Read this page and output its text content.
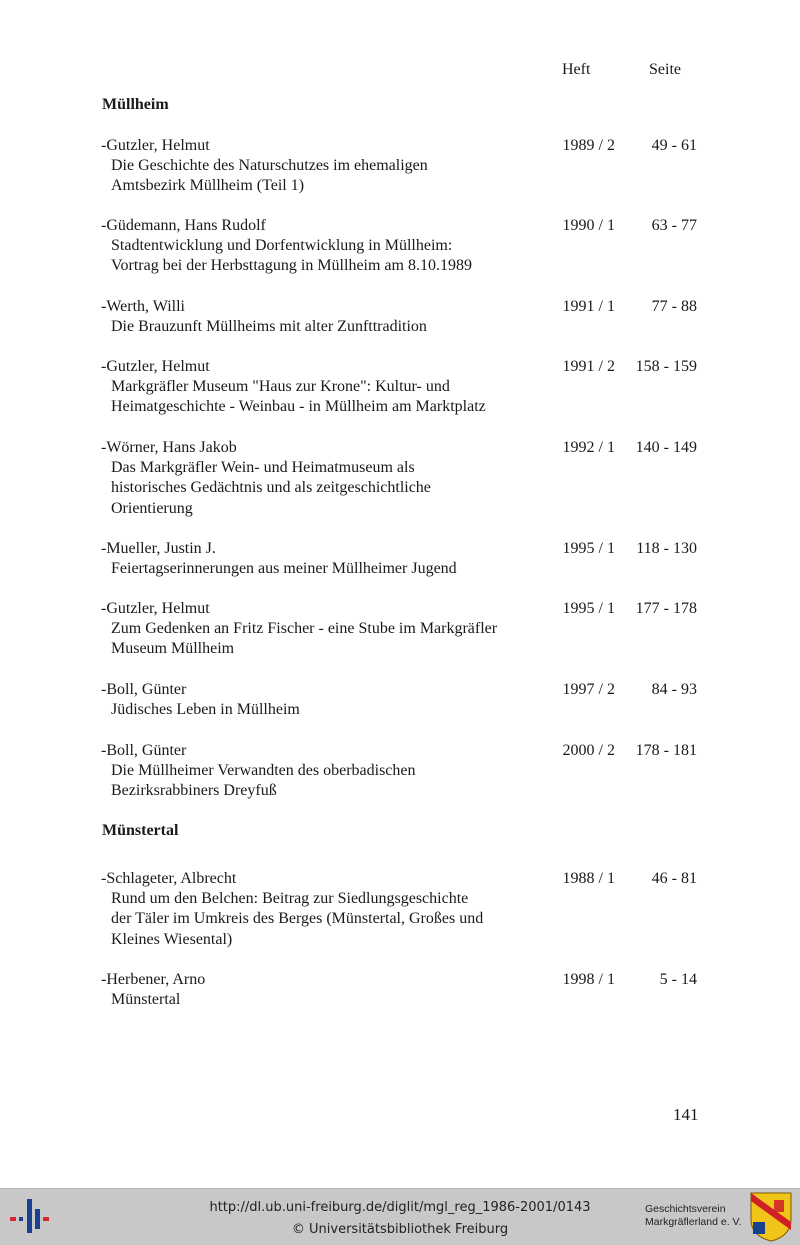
Heft	Seite
Müllheim
-Gutzler, Helmut
Die Geschichte des Naturschutzes im ehemaligen
Amtsbezirk Müllheim (Teil 1)
1989 / 2	49 - 61
-Güdemann, Hans Rudolf
Stadtentwicklung und Dorfentwicklung in Müllheim:
Vortrag bei der Herbsttagung in Müllheim am 8.10.1989
1990 / 1	63 - 77
-Werth, Willi
Die Brauzunft Müllheims mit alter Zunfttradition
1991 / 1	77 - 88
-Gutzler, Helmut
Markgräfler Museum "Haus zur Krone": Kultur- und
Heimatgeschichte - Weinbau - in Müllheim am Marktplatz
1991 / 2	158 - 159
-Wörner, Hans Jakob
Das Markgräfler Wein- und Heimatmuseum als
historisches Gedächtnis und als zeitgeschichtliche
Orientierung
1992 / 1	140 - 149
-Mueller, Justin J.
Feiertagserinnerungen aus meiner Müllheimer Jugend
1995 / 1	118 - 130
-Gutzler, Helmut
Zum Gedenken an Fritz Fischer - eine Stube im Markgräfler
Museum Müllheim
1995 / 1	177 - 178
-Boll, Günter
Jüdisches Leben in Müllheim
1997 / 2	84 - 93
-Boll, Günter
Die Müllheimer Verwandten des oberbadischen
Bezirksrabbiners Dreyfuß
2000 / 2	178 - 181
Münstertal
-Schlageter, Albrecht
Rund um den Belchen: Beitrag zur Siedlungsgeschichte
der Täler im Umkreis des Berges (Münstertal, Großes und
Kleines Wiesental)
1988 / 1	46 - 81
-Herbener, Arno
Münstertal
1998 / 1	5 - 14
141
http://dl.ub.uni-freiburg.de/diglit/mgl_reg_1986-2001/0143
© Universitätsbibliothek Freiburg
Geschichtsverein
Markgräflerland e. V.
